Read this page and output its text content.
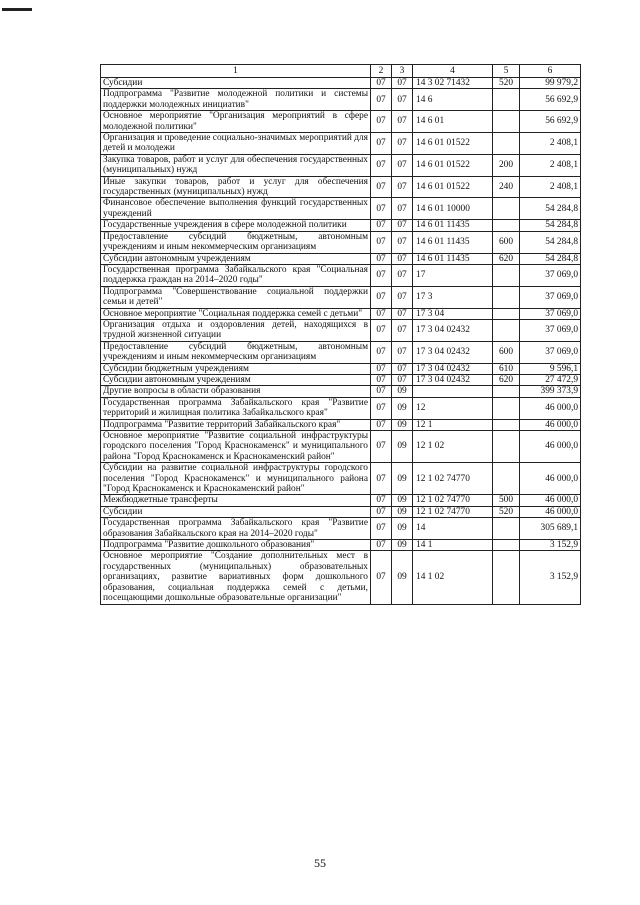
1	2	3	4	5	6
Субсидии	07	07	14 3 02 71432	520	99 979,2
Подпрограмма "Развитие молодежной политики и системы поддержки молодежных инициатив"	07	07	14 6		56 692,9
Основное мероприятие "Организация мероприятий в сфере молодежной политики"	07	07	14 6 01		56 692,9
Организация и проведение социально-значимых мероприятий для детей и молодежи	07	07	14 6 01 01522		2 408,1
Закупка товаров, работ и услуг для обеспечения государственных (муниципальных) нужд	07	07	14 6 01 01522	200	2 408,1
Иные закупки товаров, работ и услуг для обеспечения государственных (муниципальных) нужд	07	07	14 6 01 01522	240	2 408,1
Финансовое обеспечение выполнения функций государственных учреждений	07	07	14 6 01 10000		54 284,8
Государственные учреждения в сфере молодежной политики	07	07	14 6 01 11435		54 284,8
Предоставление субсидий бюджетным, автономным учреждениям и иным некоммерческим организациям	07	07	14 6 01 11435	600	54 284,8
Субсидии автономным учреждениям	07	07	14 6 01 11435	620	54 284,8
Государственная программа Забайкальского края "Социальная поддержка граждан на 2014–2020 годы"	07	07	17		37 069,0
Подпрограмма "Совершенствование социальной поддержки семьи и детей"	07	07	17 3		37 069,0
Основное мероприятие "Социальная поддержка семей с детьми"	07	07	17 3 04		37 069,0
Организация отдыха и оздоровления детей, находящихся в трудной жизненной ситуации	07	07	17 3 04 02432		37 069,0
Предоставление субсидий бюджетным, автономным учреждениям и иным некоммерческим организациям	07	07	17 3 04 02432	600	37 069,0
Субсидии бюджетным учреждениям	07	07	17 3 04 02432	610	9 596,1
Субсидии автономным учреждениям	07	07	17 3 04 02432	620	27 472,9
Другие вопросы в области образования	07	09			399 373,9
Государственная программа Забайкальского края "Развитие территорий и жилищная политика Забайкальского края"	07	09	12		46 000,0
Подпрограмма "Развитие территорий Забайкальского края"	07	09	12 1		46 000,0
Основное мероприятие "Развитие социальной инфраструктуры городского поселения "Город Краснокаменск" и муниципального района "Город Краснокаменск и Краснокаменский район"	07	09	12 1 02		46 000,0
Субсидии на развитие социальной инфраструктуры городского поселения "Город Краснокаменск" и муниципального района "Город Краснокаменск и Краснокаменский район"	07	09	12 1 02 74770		46 000,0
Межбюджетные трансферты	07	09	12 1 02 74770	500	46 000,0
Субсидии	07	09	12 1 02 74770	520	46 000,0
Государственная программа Забайкальского края "Развитие образования Забайкальского края на 2014–2020 годы"	07	09	14		305 689,1
Подпрограмма "Развитие дошкольного образования"	07	09	14 1		3 152,9
Основное мероприятие "Создание дополнительных мест в государственных (муниципальных) образовательных организациях, развитие вариативных форм дошкольного образования, социальная поддержка семей с детьми, посещающими дошкольные образовательные организации"	07	09	14 1 02		3 152,9
55
